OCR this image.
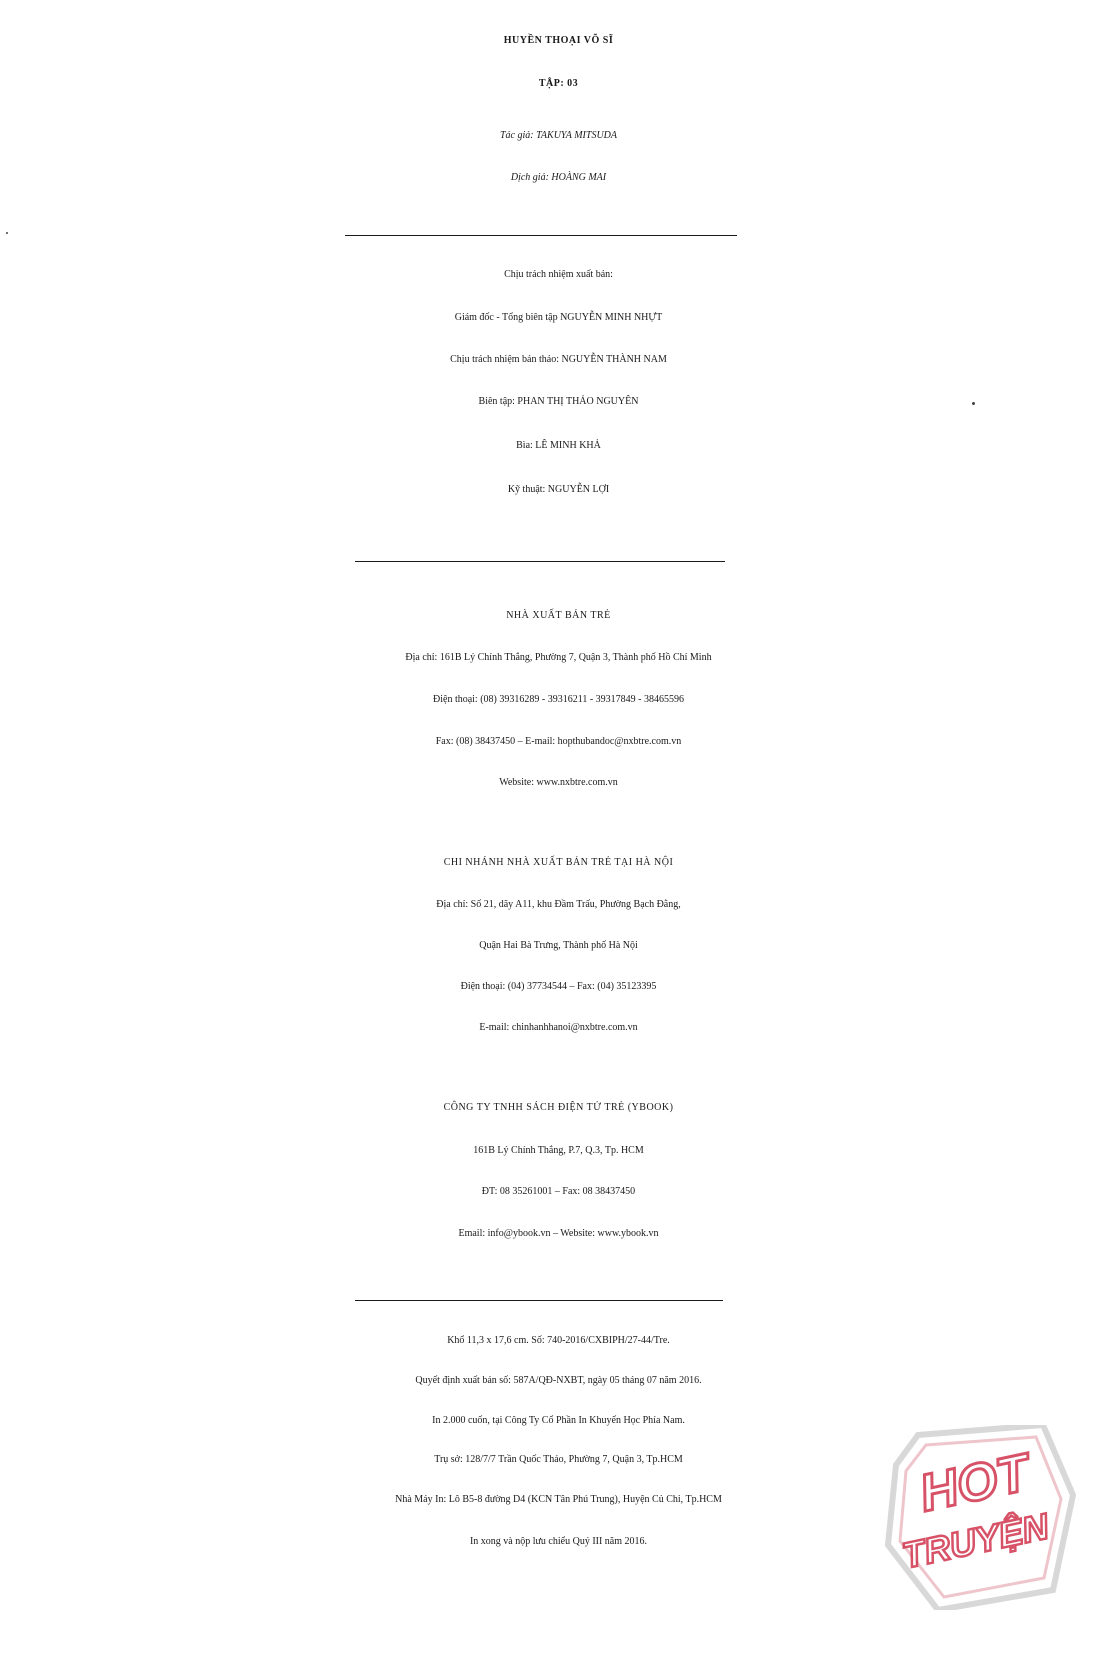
HUYỀN THOẠI VÕ SĨ
TẬP: 03
Tác giả: TAKUYA MITSUDA
Dịch giả: HOÀNG MAI
Chịu trách nhiệm xuất bản:
Giám đốc - Tổng biên tập NGUYỄN MINH NHỰT
Chịu trách nhiệm bản thảo: NGUYỄN THÀNH NAM
Biên tập: PHAN THỊ THẢO NGUYÊN
Bìa: LÊ MINH KHẢ
Kỹ thuật: NGUYỄN LỢI
NHÀ XUẤT BẢN TRẺ
Địa chỉ: 161B Lý Chính Thắng, Phường 7, Quận 3, Thành phố Hồ Chí Minh
Điện thoại: (08) 39316289 - 39316211 - 39317849 - 38465596
Fax: (08) 38437450 – E-mail: hopthubandoc@nxbtre.com.vn
Website: www.nxbtre.com.vn
CHI NHÁNH NHÀ XUẤT BẢN TRẺ TẠI HÀ NỘI
Địa chỉ: Số 21, dãy A11, khu Đầm Trấu, Phường Bạch Đằng,
Quận Hai Bà Trưng, Thành phố Hà Nội
Điện thoại: (04) 37734544 – Fax: (04) 35123395
E-mail: chinhanhhanoi@nxbtre.com.vn
CÔNG TY TNHH SÁCH ĐIỆN TỬ TRẺ (YBOOK)
161B Lý Chính Thắng, P.7, Q.3, Tp. HCM
ĐT: 08 35261001 – Fax: 08 38437450
Email: info@ybook.vn – Website: www.ybook.vn
Khổ 11,3 x 17,6 cm. Số: 740-2016/CXBIPH/27-44/Tre.
Quyết định xuất bản số: 587A/QĐ-NXBT, ngày 05 tháng 07 năm 2016.
In 2.000 cuốn, tại Công Ty Cổ Phần In Khuyến Học Phía Nam.
Trụ sở: 128/7/7 Trần Quốc Thảo, Phường 7, Quận 3, Tp.HCM
Nhà Máy In: Lô B5-8 đường D4 (KCN Tân Phú Trung), Huyện Củ Chi, Tp.HCM
In xong và nộp lưu chiểu Quý III năm 2016.
HOT
TRUYỆN
